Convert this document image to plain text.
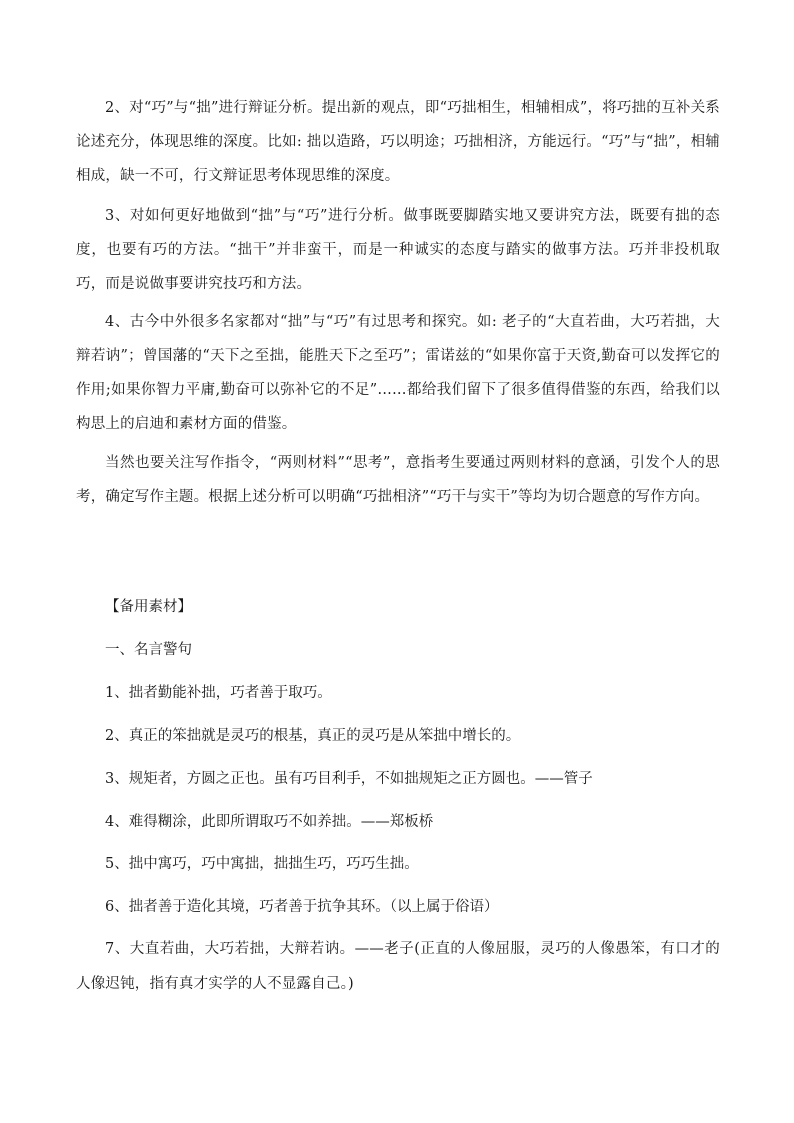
2、对“巧”与“拙”进行辩证分析。提出新的观点，即“巧拙相生，相辅相成”，将巧拙的互补关系论述充分，体现思维的深度。比如: 拙以造路，巧以明途；巧拙相济，方能远行。“巧”与“拙”，相辅相成，缺一不可，行文辩证思考体现思维的深度。

3、对如何更好地做到“拙”与“巧”进行分析。做事既要脚踏实地又要讲究方法，既要有拙的态度，也要有巧的方法。“拙干”并非蛮干，而是一种诚实的态度与踏实的做事方法。巧并非投机取巧，而是说做事要讲究技巧和方法。

4、古今中外很多名家都对“拙”与“巧”有过思考和探究。如: 老子的“大直若曲，大巧若拙，大辩若讷”；曾国藩的“天下之至拙，能胜天下之至巧”；雷诺兹的“如果你富于天资,勤奋可以发挥它的作用;如果你智力平庸,勤奋可以弥补它的不足”……都给我们留下了很多值得借鉴的东西，给我们以构思上的启迪和素材方面的借鉴。

当然也要关注写作指令，“两则材料”“思考”，意指考生要通过两则材料的意涵，引发个人的思考，确定写作主题。根据上述分析可以明确“巧拙相济”“巧干与实干”等均为切合题意的写作方向。

【备用素材】

一、名言警句

1、拙者勤能补拙，巧者善于取巧。

2、真正的笨拙就是灵巧的根基，真正的灵巧是从笨拙中增长的。

3、规矩者，方圆之正也。虽有巧目利手，不如拙规矩之正方圆也。——管子

4、难得糊涂，此即所谓取巧不如养拙。——郑板桥

5、拙中寓巧，巧中寓拙，拙拙生巧，巧巧生拙。

6、拙者善于造化其境，巧者善于抗争其环。（以上属于俗语）

7、大直若曲，大巧若拙，大辩若讷。——老子(正直的人像屈服，灵巧的人像愚笨，有口才的人像迟钝，指有真才实学的人不显露自己。)
